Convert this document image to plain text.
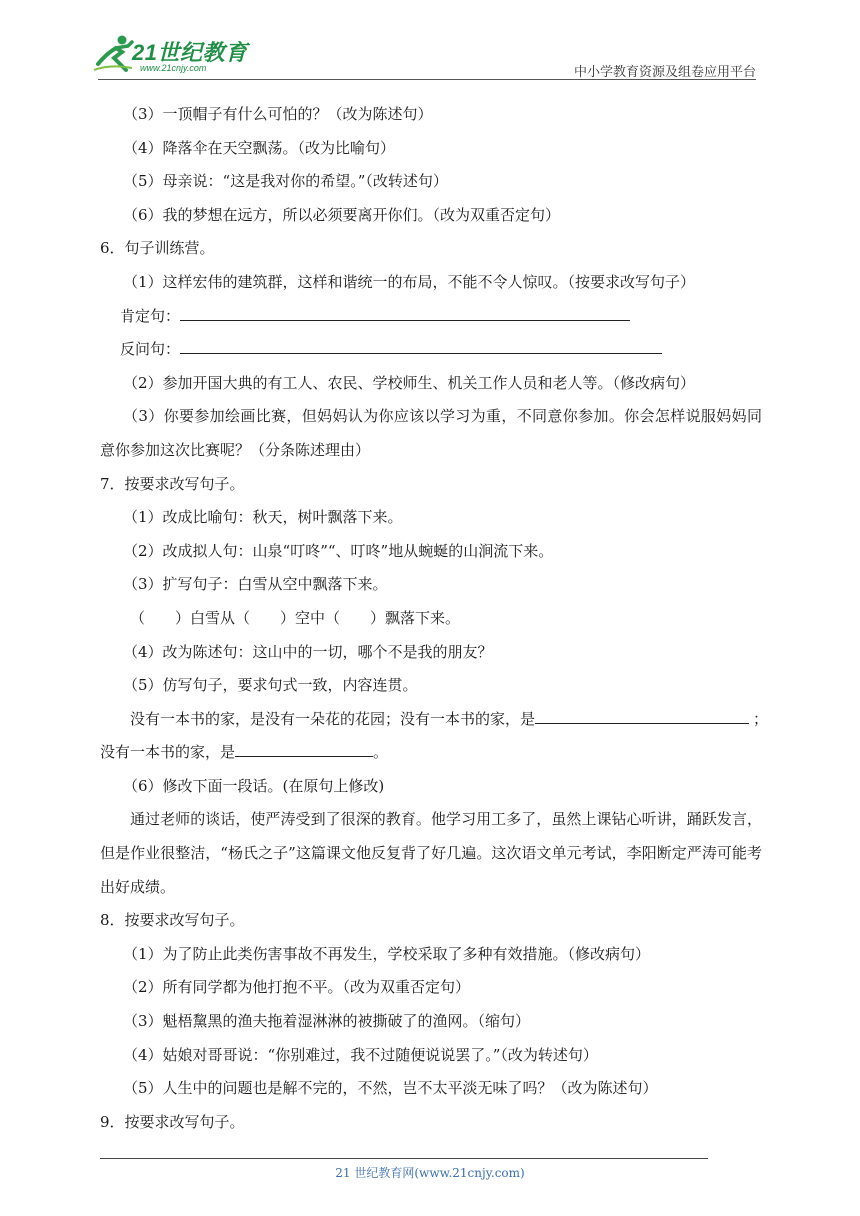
21世纪教育
www.21cnjy.com	中小学教育资源及组卷应用平台
（3）一顶帽子有什么可怕的？（改为陈述句）
（4）降落伞在天空飘荡。（改为比喻句）
（5）母亲说：“这是我对你的希望。”（改转述句）
（6）我的梦想在远方，所以必须要离开你们。（改为双重否定句）
6．句子训练营。
（1）这样宏伟的建筑群，这样和谐统一的布局，不能不令人惊叹。（按要求改写句子）
肯定句：
反问句：
（2）参加开国大典的有工人、农民、学校师生、机关工作人员和老人等。（修改病句）
（3）你要参加绘画比赛，但妈妈认为你应该以学习为重，不同意你参加。你会怎样说服妈妈同意你参加这次比赛呢？（分条陈述理由）
7．按要求改写句子。
（1）改成比喻句：秋天，树叶飘落下来。
（2）改成拟人句：山泉“叮咚”“、叮咚”地从蜿蜒的山涧流下来。
（3）扩写句子：白雪从空中飘落下来。
（　　）白雪从（　　）空中（　　）飘落下来。
（4）改为陈述句：这山中的一切，哪个不是我的朋友？
（5）仿写句子，要求句式一致，内容连贯。
没有一本书的家，是没有一朵花的花园；没有一本书的家，是	；
没有一本书的家，是	。
（6）修改下面一段话。(在原句上修改)
通过老师的谈话，使严涛受到了很深的教育。他学习用工多了，虽然上课钻心听讲，踊跃发言，但是作业很整洁，“杨氏之子”这篇课文他反复背了好几遍。这次语文单元考试，李阳断定严涛可能考出好成绩。
8．按要求改写句子。
（1）为了防止此类伤害事故不再发生，学校采取了多种有效措施。（修改病句）
（2）所有同学都为他打抱不平。（改为双重否定句）
（3）魁梧黧黑的渔夫拖着湿淋淋的被撕破了的渔网。（缩句）
（4）姑娘对哥哥说：“你别难过，我不过随便说说罢了。”（改为转述句）
（5）人生中的问题也是解不完的，不然，岂不太平淡无味了吗？（改为陈述句）
9．按要求改写句子。
21 世纪教育网(www.21cnjy.com)
